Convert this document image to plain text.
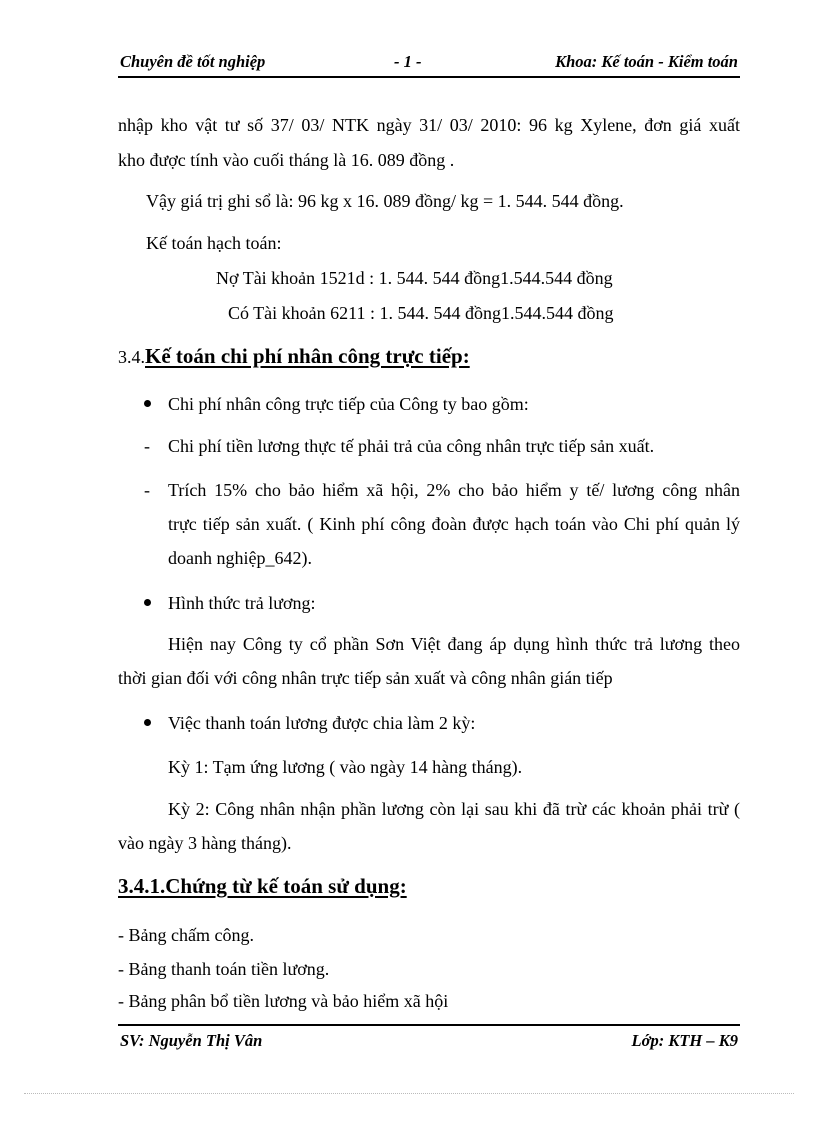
Chuyên đề tốt nghiệp	- 1 -	Khoa: Kế toán - Kiểm toán
nhập kho vật tư số 37/ 03/ NTK ngày 31/ 03/ 2010: 96 kg Xylene, đơn giá xuất
kho được tính vào cuối tháng là 16. 089 đồng .
Vậy giá trị ghi sổ là: 96 kg x 16. 089 đồng/ kg = 1. 544. 544 đồng.
Kế toán hạch toán:
Nợ Tài khoản 1521d : 1. 544. 544 đồng1.544.544 đồng
Có Tài khoản 6211 : 1. 544. 544 đồng1.544.544 đồng
3.4.Kế toán chi phí nhân công trực tiếp:
Chi phí nhân công trực tiếp của Công ty bao gồm:
- Chi phí tiền lương thực tế phải trả của công nhân trực tiếp sản xuất.
- Trích 15% cho bảo hiểm xã hội, 2% cho bảo hiểm y tế/ lương công nhân
trực tiếp sản xuất. ( Kinh phí công đoàn được hạch toán vào Chi phí quản lý
doanh nghiệp_642).
Hình thức trả lương:
Hiện nay Công ty cổ phần Sơn Việt đang áp dụng hình thức trả lương theo
thời gian đối với công nhân trực tiếp sản xuất và công nhân gián tiếp
Việc thanh toán lương được chia làm 2 kỳ:
Kỳ 1: Tạm ứng lương ( vào ngày 14 hàng tháng).
Kỳ 2: Công nhân nhận phần lương còn lại sau khi đã trừ các khoản phải trừ (
vào ngày 3 hàng tháng).
3.4.1.Chứng từ kế toán sử dụng:
- Bảng chấm công.
- Bảng thanh toán tiền lương.
- Bảng phân bổ tiền lương và bảo hiểm xã hội
SV: Nguyễn Thị Vân	Lớp: KTH – K9
